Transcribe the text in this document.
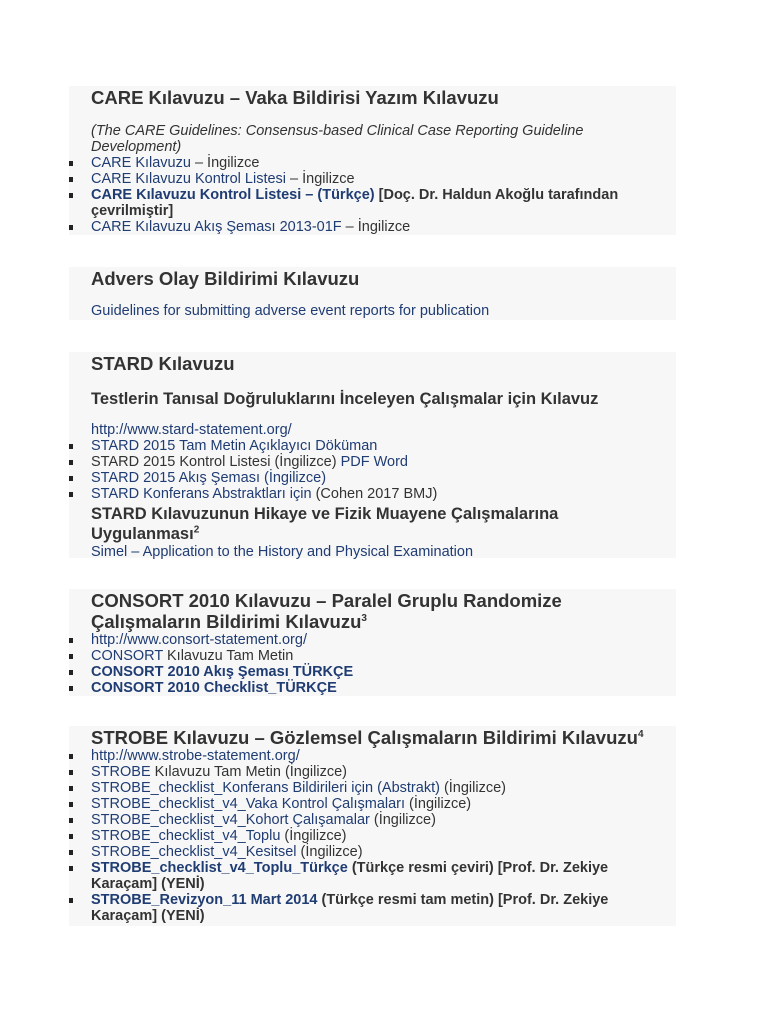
CARE Kılavuzu – Vaka Bildirisi Yazım Kılavuzu
(The CARE Guidelines: Consensus-based Clinical Case Reporting Guideline Development)
CARE Kılavuzu – İngilizce
CARE Kılavuzu Kontrol Listesi – İngilizce
CARE Kılavuzu Kontrol Listesi – (Türkçe) [Doç. Dr. Haldun Akoğlu tarafından çevrilmiştir]
CARE Kılavuzu Akış Şeması 2013-01F – İngilizce
Advers Olay Bildirimi Kılavuzu
Guidelines for submitting adverse event reports for publication
STARD Kılavuzu
Testlerin Tanısal Doğruluklarını İnceleyen Çalışmalar için Kılavuz
http://www.stard-statement.org/
STARD 2015 Tam Metin Açıklayıcı Döküman
STARD 2015 Kontrol Listesi (İngilizce) PDF Word
STARD 2015 Akış Şeması (İngilizce)
STARD Konferans Abstraktları için (Cohen 2017 BMJ)
STARD Kılavuzunun Hikaye ve Fizik Muayene Çalışmalarına Uygulanması$^2$
Simel – Application to the History and Physical Examination
CONSORT 2010 Kılavuzu – Paralel Gruplu Randomize Çalışmaların Bildirimi Kılavuzu$^3$
http://www.consort-statement.org/
CONSORT Kılavuzu Tam Metin
CONSORT 2010 Akış Şeması TÜRKÇE
CONSORT 2010 Checklist_TÜRKÇE
STROBE Kılavuzu – Gözlemsel Çalışmaların Bildirimi Kılavuzu$^4$
http://www.strobe-statement.org/
STROBE Kılavuzu Tam Metin (İngilizce)
STROBE_checklist_Konferans Bildirileri için (Abstrakt) (İngilizce)
STROBE_checklist_v4_Vaka Kontrol Çalışmaları (İngilizce)
STROBE_checklist_v4_Kohort Çalışamalar (İngilizce)
STROBE_checklist_v4_Toplu (İngilizce)
STROBE_checklist_v4_Kesitsel (İngilizce)
STROBE_checklist_v4_Toplu_Türkçe (Türkçe resmi çeviri) [Prof. Dr. Zekiye Karaçam] (YENİ)
STROBE_Revizyon_11 Mart 2014 (Türkçe resmi tam metin) [Prof. Dr. Zekiye Karaçam] (YENİ)
